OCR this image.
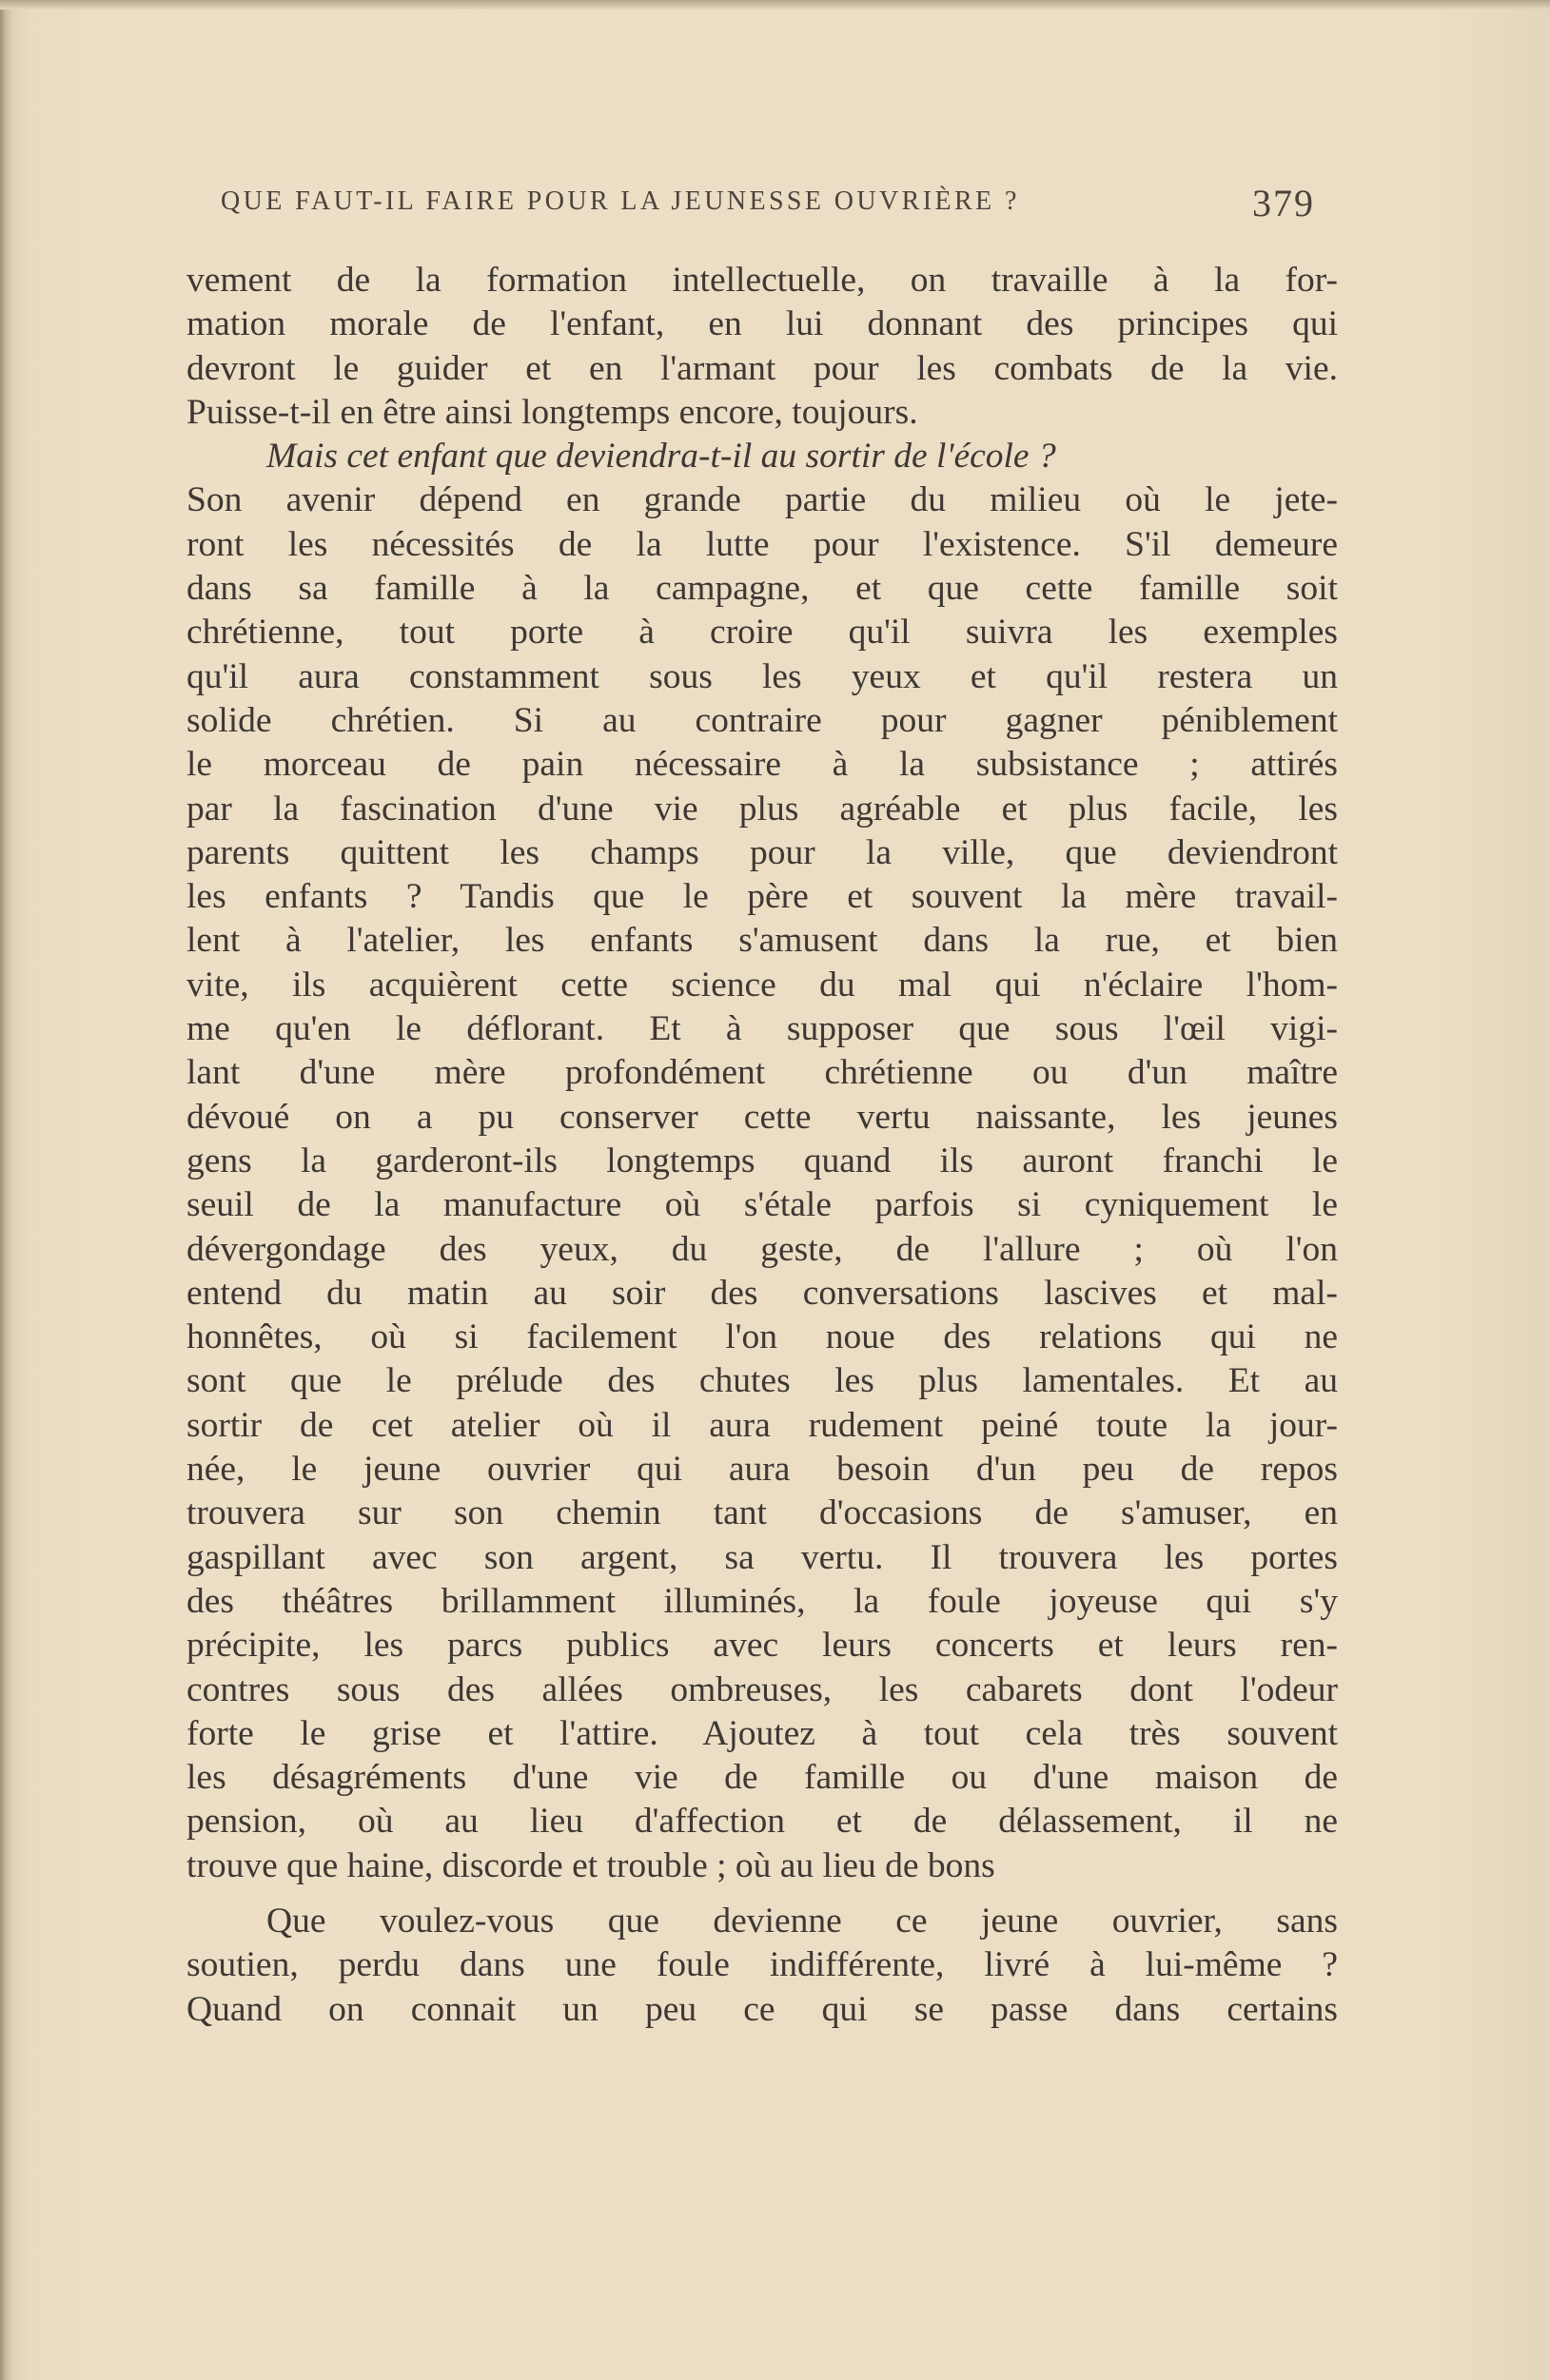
QUE FAUT-IL FAIRE POUR LA JEUNESSE OUVRIÈRE ?	379

vement de la formation intellectuelle, on travaille à la for-
mation morale de l'enfant, en lui donnant des principes qui
devront le guider et en l'armant pour les combats de la vie.
Puisse-t-il en être ainsi longtemps encore, toujours.

Mais cet enfant que deviendra-t-il au sortir de l'école ?
Son avenir dépend en grande partie du milieu où le jete-
ront les nécessités de la lutte pour l'existence. S'il demeure
dans sa famille à la campagne, et que cette famille soit
chrétienne, tout porte à croire qu'il suivra les exemples
qu'il aura constamment sous les yeux et qu'il restera un
solide chrétien. Si au contraire pour gagner péniblement
le morceau de pain nécessaire à la subsistance ; attirés
par la fascination d'une vie plus agréable et plus facile, les
parents quittent les champs pour la ville, que deviendront
les enfants ? Tandis que le père et souvent la mère travail-
lent à l'atelier, les enfants s'amusent dans la rue, et bien
vite, ils acquièrent cette science du mal qui n'éclaire l'hom-
me qu'en le déflorant. Et à supposer que sous l'œil vigi-
lant d'une mère profondément chrétienne ou d'un maître
dévoué on a pu conserver cette vertu naissante, les jeunes
gens la garderont-ils longtemps quand ils auront franchi le
seuil de la manufacture où s'étale parfois si cyniquement le
dévergondage des yeux, du geste, de l'allure ; où l'on
entend du matin au soir des conversations lascives et mal-
honnêtes, où si facilement l'on noue des relations qui ne
sont que le prélude des chutes les plus lamentales. Et au
sortir de cet atelier où il aura rudement peiné toute la jour-
née, le jeune ouvrier qui aura besoin d'un peu de repos
trouvera sur son chemin tant d'occasions de s'amuser, en
gaspillant avec son argent, sa vertu. Il trouvera les portes
des théâtres brillamment illuminés, la foule joyeuse qui s'y
précipite, les parcs publics avec leurs concerts et leurs ren-
contres sous des allées ombreuses, les cabarets dont l'odeur
forte le grise et l'attire. Ajoutez à tout cela très souvent
les désagréments d'une vie de famille ou d'une maison de
pension, où au lieu d'affection et de délassement, il ne
trouve que haine, discorde et trouble ; où au lieu de bons

Que voulez-vous que devienne ce jeune ouvrier, sans
soutien, perdu dans une foule indifférente, livré à lui-même ?
Quand on connait un peu ce qui se passe dans certains
